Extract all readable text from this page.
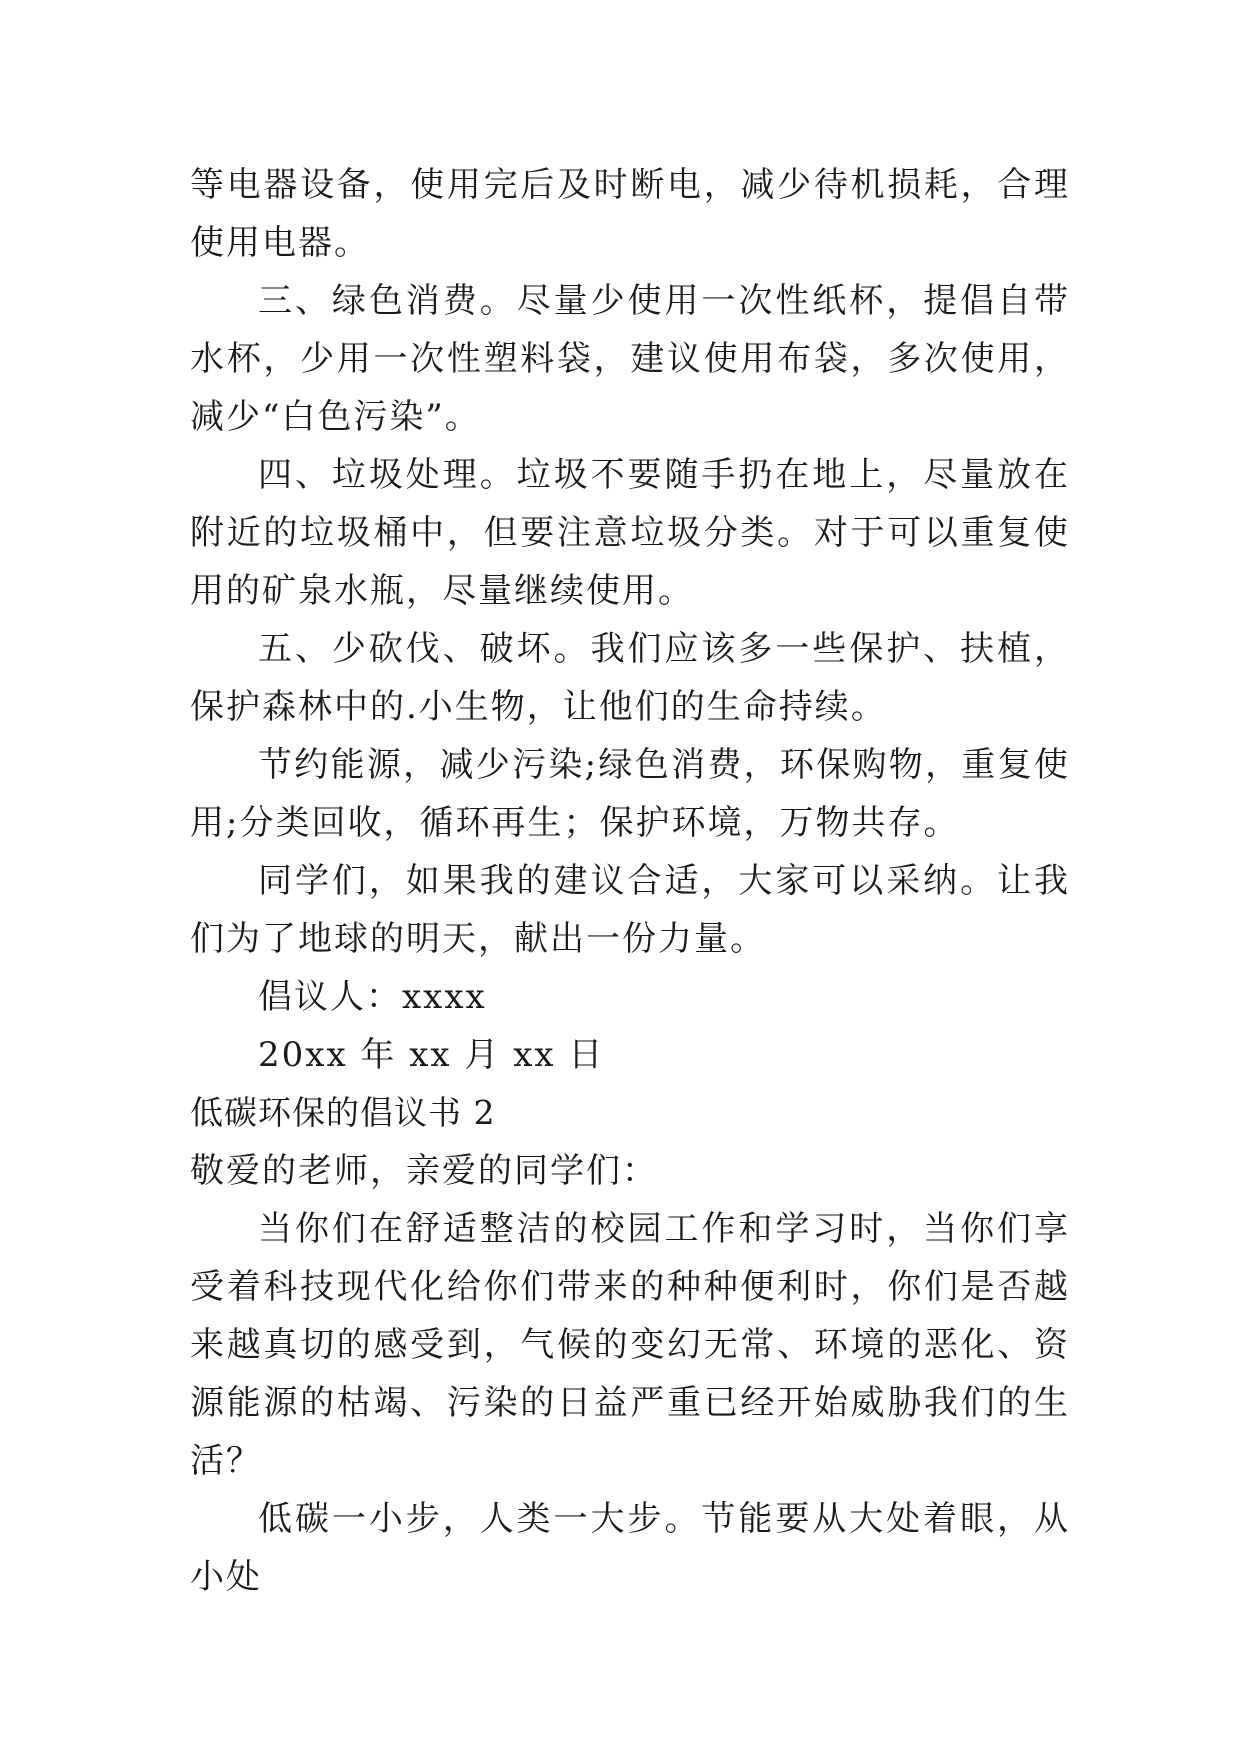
等电器设备，使用完后及时断电，减少待机损耗，合理使用电器。

三、绿色消费。尽量少使用一次性纸杯，提倡自带水杯，少用一次性塑料袋，建议使用布袋，多次使用，减少“白色污染”。

四、垃圾处理。垃圾不要随手扔在地上，尽量放在附近的垃圾桶中，但要注意垃圾分类。对于可以重复使用的矿泉水瓶，尽量继续使用。

五、少砍伐、破坏。我们应该多一些保护、扶植，保护森林中的.小生物，让他们的生命持续。

节约能源，减少污染;绿色消费，环保购物，重复使用;分类回收，循环再生；保护环境，万物共存。

同学们，如果我的建议合适，大家可以采纳。让我们为了地球的明天，献出一份力量。

倡议人：xxxx

20xx 年 xx 月 xx 日

低碳环保的倡议书 2

敬爱的老师，亲爱的同学们：

当你们在舒适整洁的校园工作和学习时，当你们享受着科技现代化给你们带来的种种便利时，你们是否越来越真切的感受到，气候的变幻无常、环境的恶化、资源能源的枯竭、污染的日益严重已经开始威胁我们的生活？

低碳一小步，人类一大步。节能要从大处着眼，从小处
